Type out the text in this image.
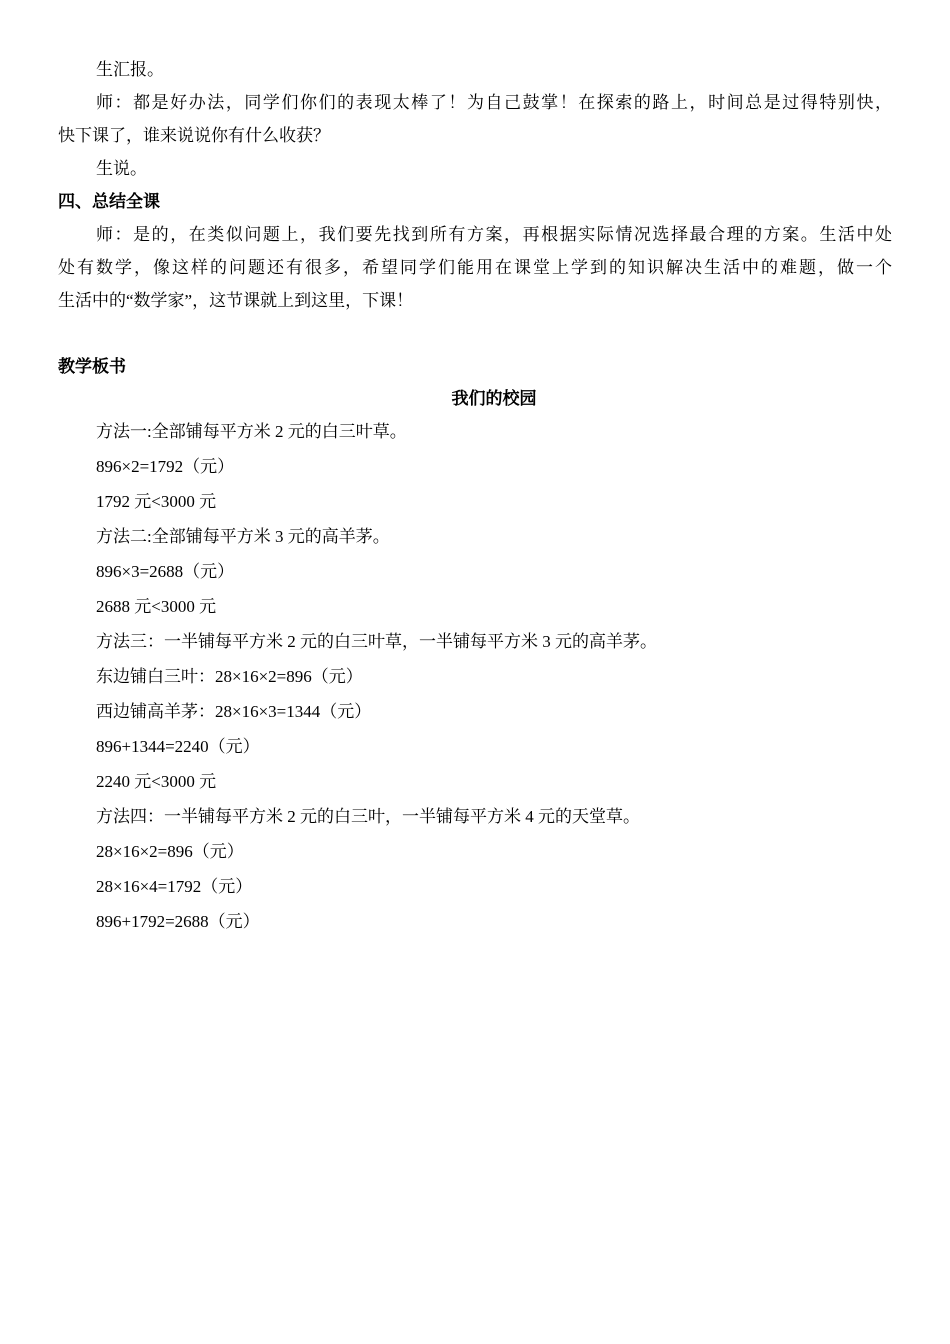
生汇报。
师：都是好办法，同学们你们的表现太棒了！为自己鼓掌！在探索的路上，时间总是过得特别快，
快下课了，谁来说说你有什么收获？
生说。
四、总结全课
师：是的，在类似问题上，我们要先找到所有方案，再根据实际情况选择最合理的方案。生活中处
处有数学，像这样的问题还有很多，希望同学们能用在课堂上学到的知识解决生活中的难题，做一个
生活中的“数学家”，这节课就上到这里，下课！
教学板书
我们的校园
方法一:全部铺每平方米 2 元的白三叶草。
896×2=1792（元）
1792 元<3000 元
方法二:全部铺每平方米 3 元的高羊茅。
896×3=2688（元）
2688 元<3000 元
方法三：一半铺每平方米 2 元的白三叶草，一半铺每平方米 3 元的高羊茅。
东边铺白三叶：28×16×2=896（元）
西边铺高羊茅：28×16×3=1344（元）
896+1344=2240（元）
2240 元<3000 元
方法四：一半铺每平方米 2 元的白三叶，一半铺每平方米 4 元的天堂草。
28×16×2=896（元）
28×16×4=1792（元）
896+1792=2688（元）
